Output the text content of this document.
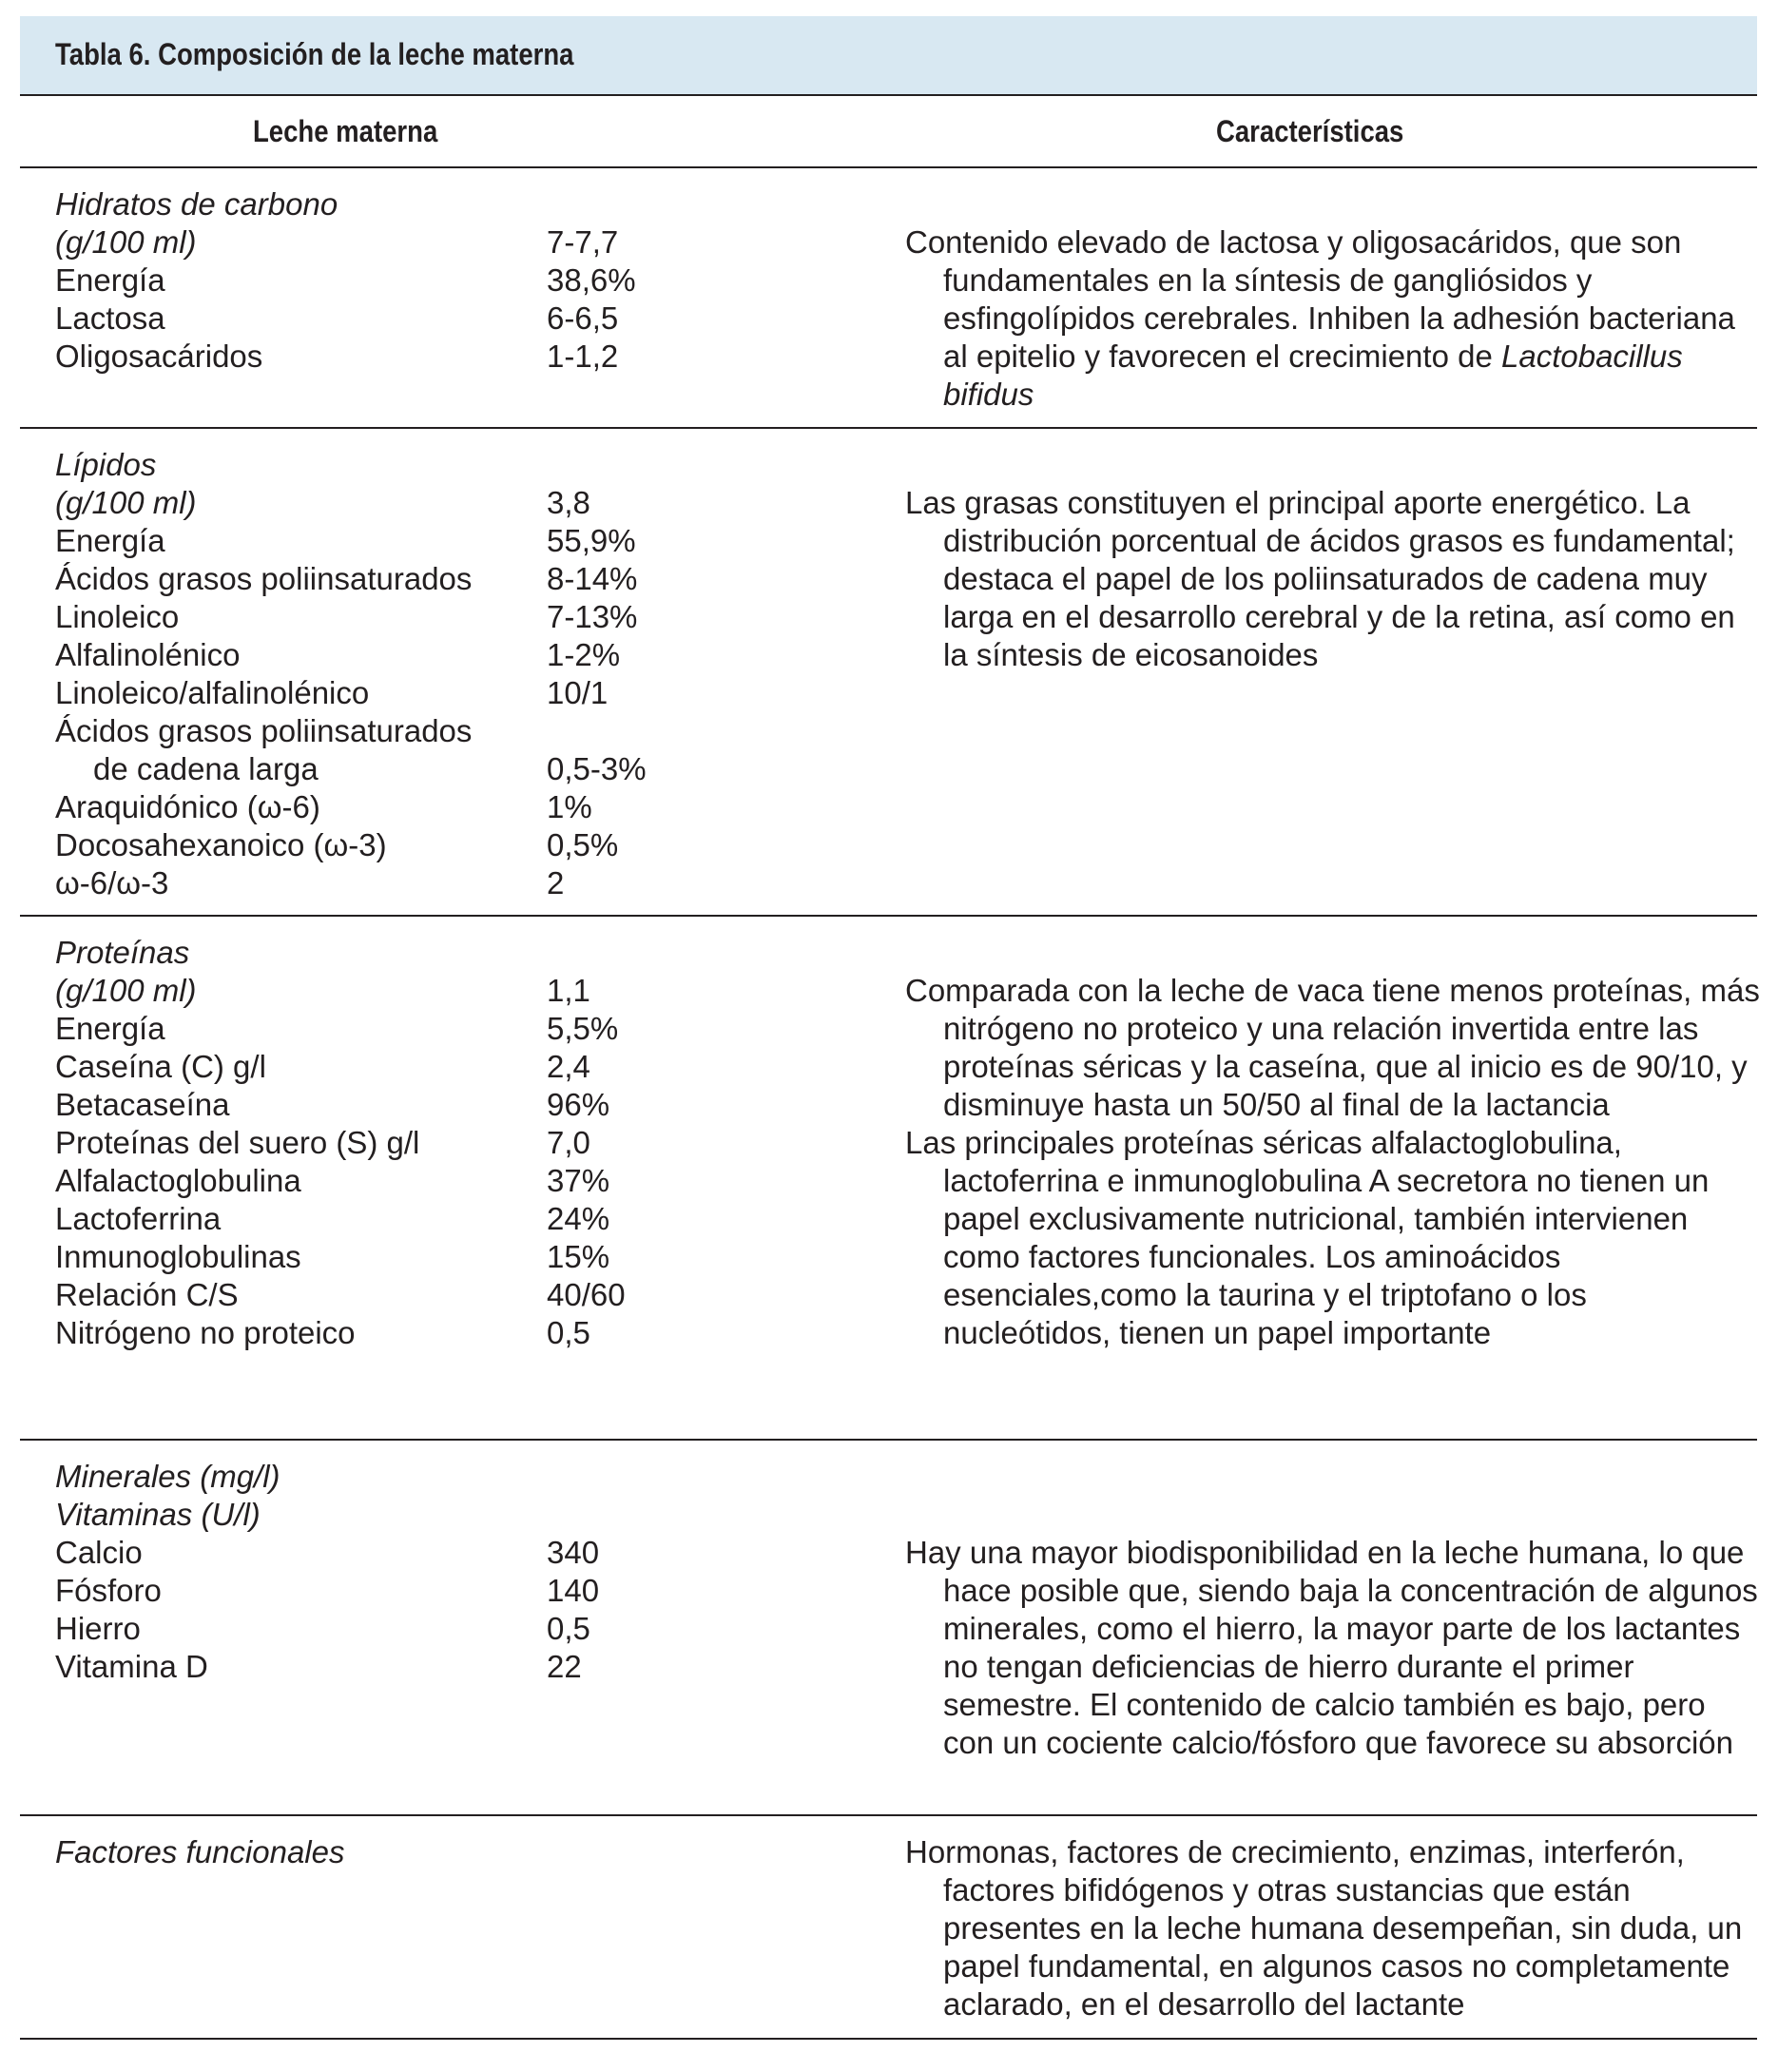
Tabla 6. Composición de la leche materna
Leche materna	Características
Hidratos de carbono
(g/100 ml)	7-7,7
Energía	38,6%
Lactosa	6-6,5
Oligosacáridos	1-1,2

Contenido elevado de lactosa y oligosacáridos, que son fundamentales en la síntesis de gangliósidos y esfingolípidos cerebrales. Inhiben la adhesión bacteriana al epitelio y favorecen el crecimiento de Lactobacillus bifidus

Lípidos
(g/100 ml)	3,8
Energía	55,9%
Ácidos grasos poliinsaturados	8-14%
Linoleico	7-13%
Alfalinolénico	1-2%
Linoleico/alfalinolénico	10/1
Ácidos grasos poliinsaturados
de cadena larga	0,5-3%
Araquidónico (ω-6)	1%
Docosahexanoico (ω-3)	0,5%
ω-6/ω-3	2

Las grasas constituyen el principal aporte energético. La distribución porcentual de ácidos grasos es fundamental; destaca el papel de los poliinsaturados de cadena muy larga en el desarrollo cerebral y de la retina, así como en la síntesis de eicosanoides

Proteínas
(g/100 ml)	1,1
Energía	5,5%
Caseína (C) g/l	2,4
Betacaseína	96%
Proteínas del suero (S) g/l	7,0
Alfalactoglobulina	37%
Lactoferrina	24%
Inmunoglobulinas	15%
Relación C/S	40/60
Nitrógeno no proteico	0,5

Comparada con la leche de vaca tiene menos proteínas, más nitrógeno no proteico y una relación invertida entre las proteínas séricas y la caseína, que al inicio es de 90/10, y disminuye hasta un 50/50 al final de la lactancia

Las principales proteínas séricas alfalactoglobulina, lactoferrina e inmunoglobulina A secretora no tienen un papel exclusivamente nutricional, también intervienen como factores funcionales. Los aminoácidos esenciales,como la taurina y el triptofano o los nucleótidos, tienen un papel importante

Minerales (mg/l)
Vitaminas (U/l)
Calcio	340
Fósforo	140
Hierro	0,5
Vitamina D	22

Hay una mayor biodisponibilidad en la leche humana, lo que hace posible que, siendo baja la concentración de algunos minerales, como el hierro, la mayor parte de los lactantes no tengan deficiencias de hierro durante el primer semestre. El contenido de calcio también es bajo, pero con un cociente calcio/fósforo que favorece su absorción

Factores funcionales	Hormonas, factores de crecimiento, enzimas, interferón, factores bifidógenos y otras sustancias que están presentes en la leche humana desempeñan, sin duda, un papel fundamental, en algunos casos no completamente aclarado, en el desarrollo del lactante
